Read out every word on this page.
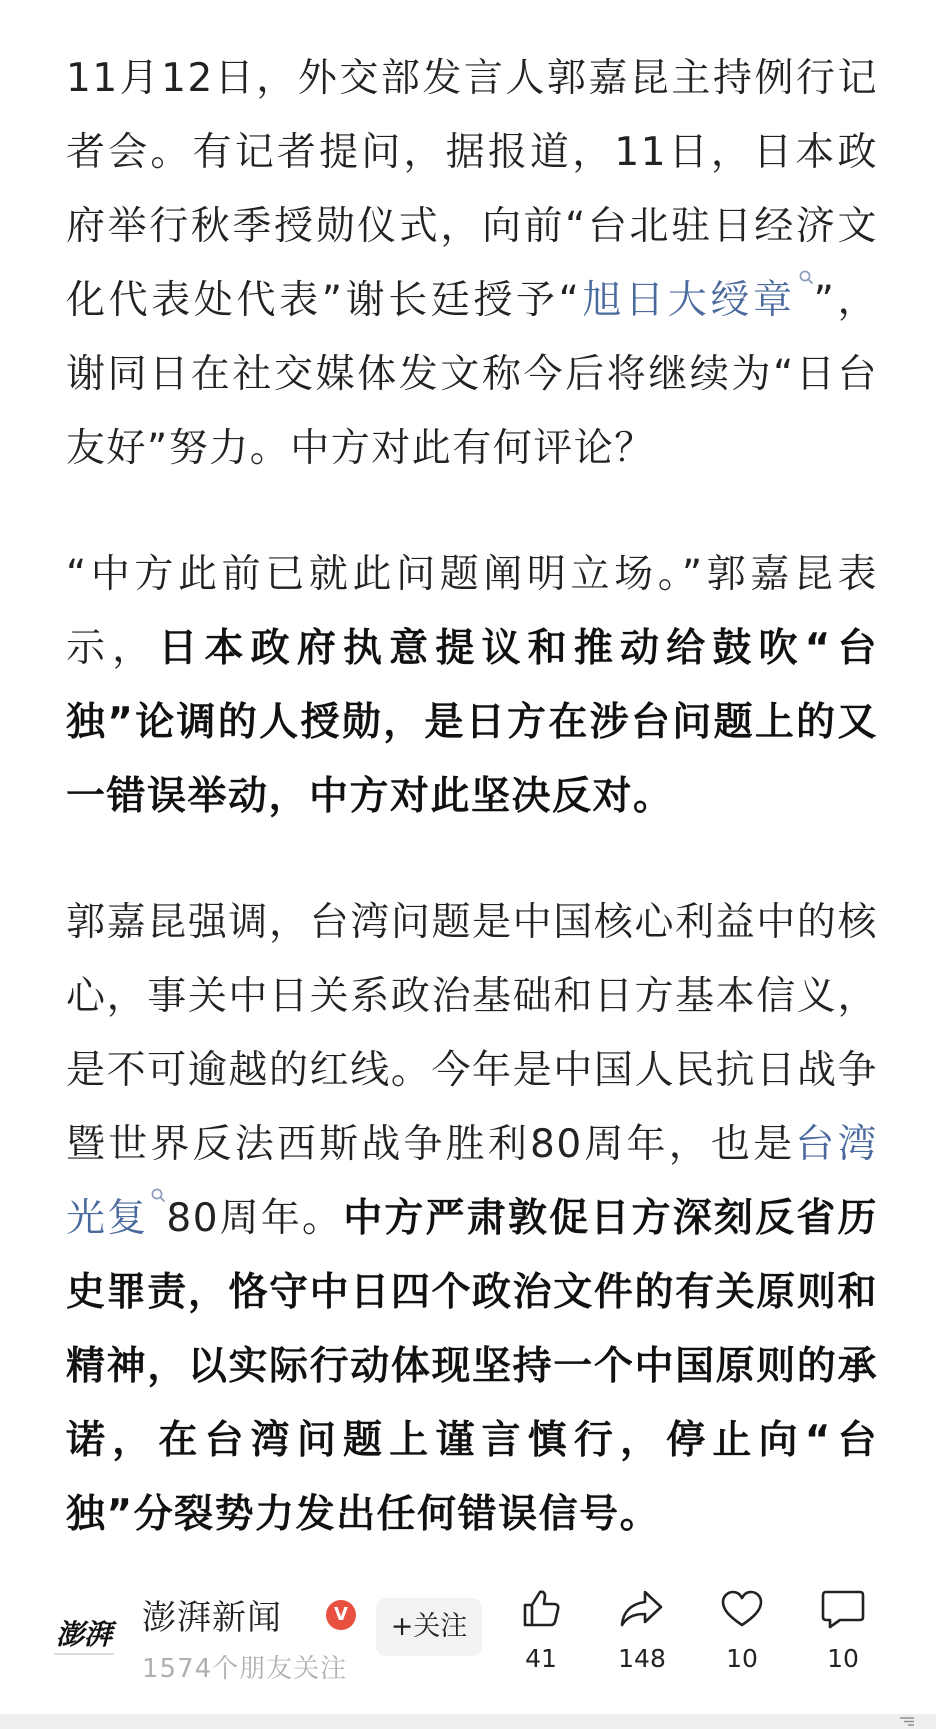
11月12日，外交部发言人郭嘉昆主持例行记者会。有记者提问，据报道，11日，日本政府举行秋季授勋仪式，向前“台北驻日经济文化代表处代表”谢长廷授予“旭日大绶章 ”，谢同日在社交媒体发文称今后将继续为“日台友好”努力。中方对此有何评论？

“中方此前已就此问题阐明立场。”郭嘉昆表示，日本政府执意提议和推动给鼓吹“台独”论调的人授勋，是日方在涉台问题上的又一错误举动，中方对此坚决反对。

郭嘉昆强调，台湾问题是中国核心利益中的核心，事关中日关系政治基础和日方基本信义，是不可逾越的红线。今年是中国人民抗日战争暨世界反法西斯战争胜利80周年，也是台湾光复 80周年。中方严肃敦促日方深刻反省历史罪责，恪守中日四个政治文件的有关原则和精神，以实际行动体现坚持一个中国原则的承诺，在台湾问题上谨言慎行，停止向“台独”分裂势力发出任何错误信号。

澎湃 澎湃新闻	V
1574个朋友关注
+关注
41	148	10	10
